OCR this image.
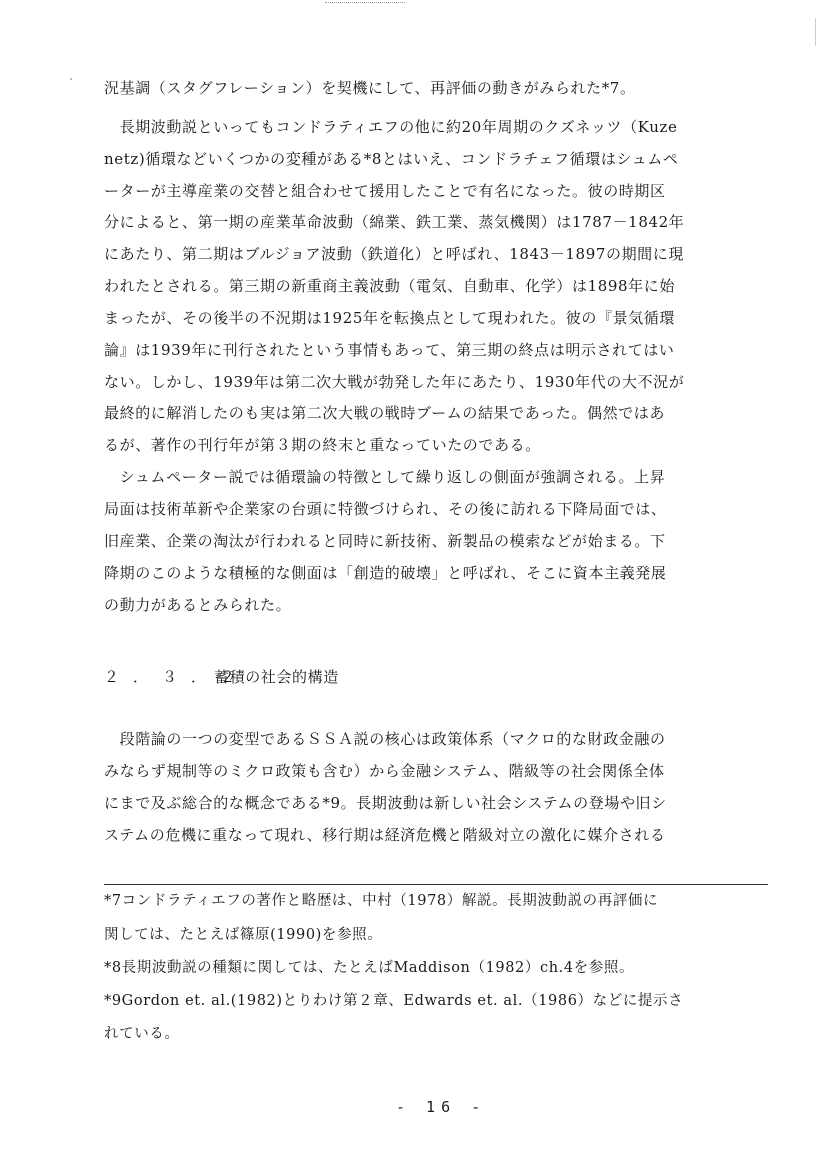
況基調（スタグフレーション）を契機にして、再評価の動きがみられた*7。
　長期波動説といってもコンドラティエフの他に約20年周期のクズネッツ（Kuze
netz)循環などいくつかの変種がある*8とはいえ、コンドラチェフ循環はシュムペ
ーターが主導産業の交替と組合わせて援用したことで有名になった。彼の時期区
分によると、第一期の産業革命波動（綿業、鉄工業、蒸気機関）は1787－1842年
にあたり、第二期はブルジョア波動（鉄道化）と呼ばれ、1843－1897の期間に現
われたとされる。第三期の新重商主義波動（電気、自動車、化学）は1898年に始
まったが、その後半の不況期は1925年を転換点として現われた。彼の『景気循環
論』は1939年に刊行されたという事情もあって、第三期の終点は明示されてはい
ない。しかし、1939年は第二次大戦が勃発した年にあたり、1930年代の大不況が
最終的に解消したのも実は第二次大戦の戦時ブームの結果であった。偶然ではあ
るが、著作の刊行年が第３期の終末と重なっていたのである。
　シュムペーター説では循環論の特徴として繰り返しの側面が強調される。上昇
局面は技術革新や企業家の台頭に特徴づけられ、その後に訪れる下降局面では、
旧産業、企業の淘汰が行われると同時に新技術、新製品の模索などが始まる。下
降期のこのような積極的な側面は「創造的破壊」と呼ばれ、そこに資本主義発展
の動力があるとみられた。
２．３．２蓄積の社会的構造
　段階論の一つの変型であるＳＳＡ説の核心は政策体系（マクロ的な財政金融の
みならず規制等のミクロ政策も含む）から金融システム、階級等の社会関係全体
にまで及ぶ総合的な概念である*9。長期波動は新しい社会システムの登場や旧シ
ステムの危機に重なって現れ、移行期は経済危機と階級対立の激化に媒介される
*7コンドラティエフの著作と略歴は、中村（1978）解説。長期波動説の再評価に
関しては、たとえば篠原(1990)を参照。
*8長期波動説の種類に関しては、たとえばMaddison（1982）ch.4を参照。
*9Gordon et. al.(1982)とりわけ第２章、Edwards et. al.（1986）などに提示さ
れている。
- 16 -
